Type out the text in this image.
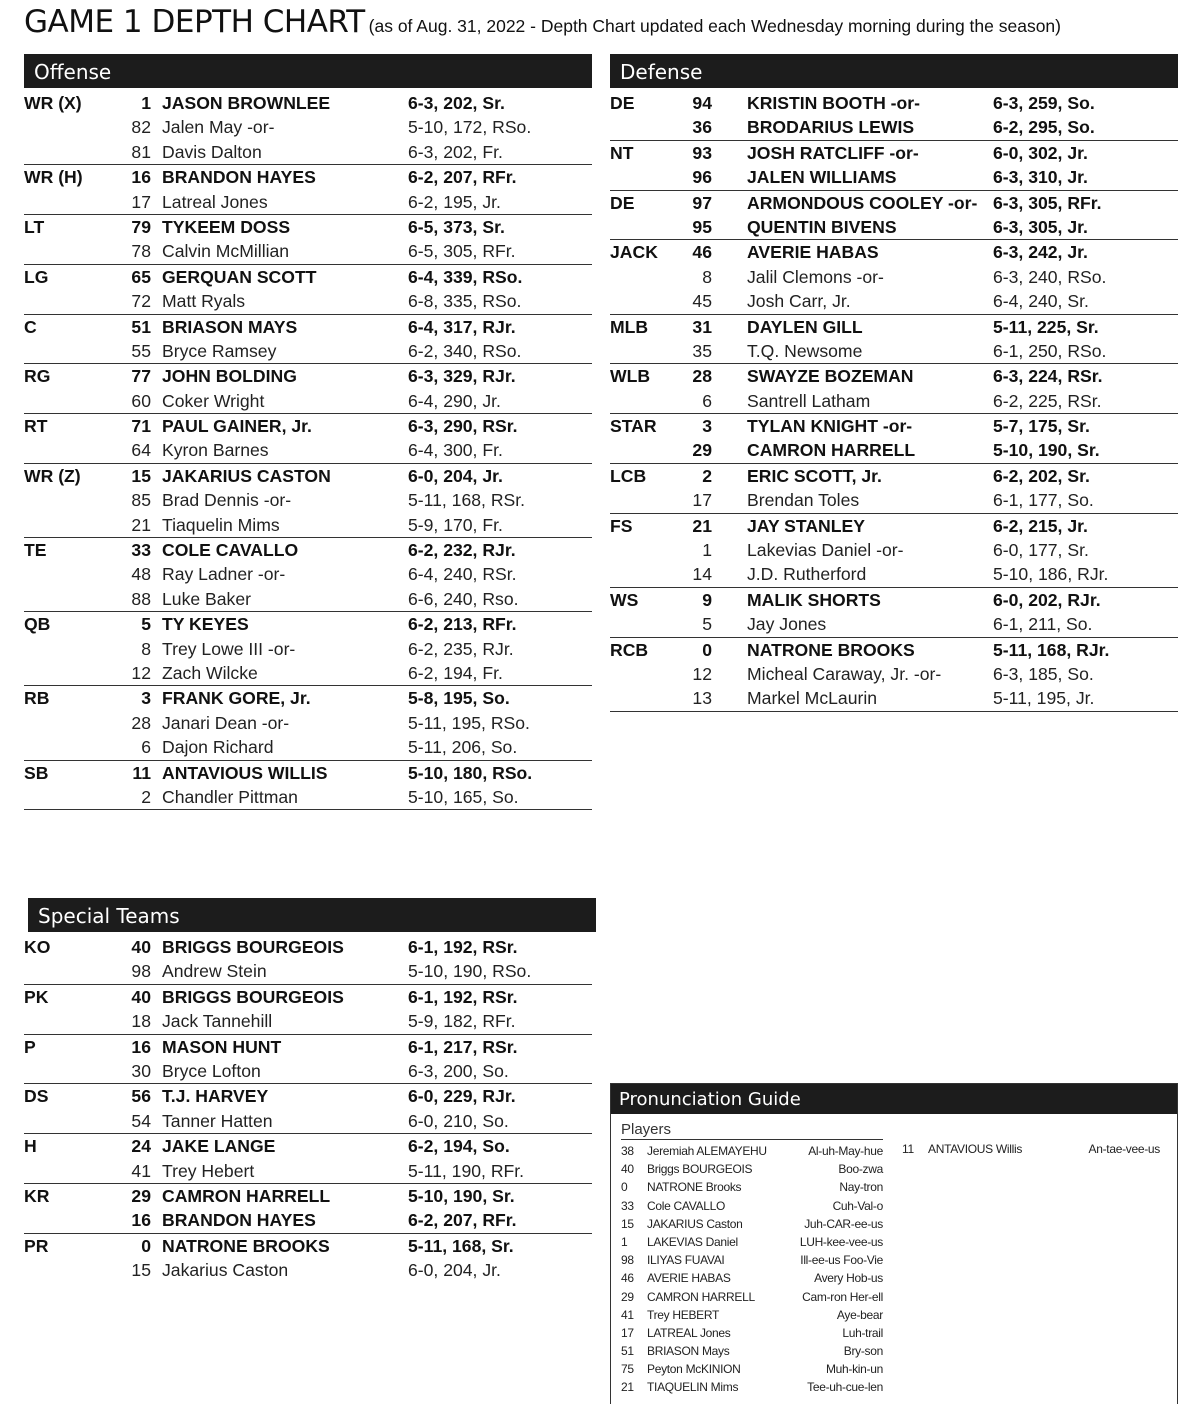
GAME 1 DEPTH CHART (as of Aug. 31, 2022 - Depth Chart updated each Wednesday morning during the season)
Offense
WR (X)	1 JASON BROWNLEE	6-3, 202, Sr.
82 Jalen May -or-	5-10, 172, RSo.
81 Davis Dalton	6-3, 202, Fr.
WR (H)	16 BRANDON HAYES	6-2, 207, RFr.
17 Latreal Jones	6-2, 195, Jr.
LT	79 TYKEEM DOSS	6-5, 373, Sr.
78 Calvin McMillian	6-5, 305, RFr.
LG	65 GERQUAN SCOTT	6-4, 339, RSo.
72 Matt Ryals	6-8, 335, RSo.
C	51 BRIASON MAYS	6-4, 317, RJr.
55 Bryce Ramsey	6-2, 340, RSo.
RG	77 JOHN BOLDING	6-3, 329, RJr.
60 Coker Wright	6-4, 290, Jr.
RT	71 PAUL GAINER, Jr.	6-3, 290, RSr.
64 Kyron Barnes	6-4, 300, Fr.
WR (Z)	15 JAKARIUS CASTON	6-0, 204, Jr.
85 Brad Dennis -or-	5-11, 168, RSr.
21 Tiaquelin Mims	5-9, 170, Fr.
TE	33 COLE CAVALLO	6-2, 232, RJr.
48 Ray Ladner -or-	6-4, 240, RSr.
88 Luke Baker	6-6, 240, Rso.
QB	5 TY KEYES	6-2, 213, RFr.
8 Trey Lowe III -or-	6-2, 235, RJr.
12 Zach Wilcke	6-2, 194, Fr.
RB	3 FRANK GORE, Jr.	5-8, 195, So.
28 Janari Dean -or-	5-11, 195, RSo.
6 Dajon Richard	5-11, 206, So.
SB	11 ANTAVIOUS WILLIS	5-10, 180, RSo.
2 Chandler Pittman	5-10, 165, So.
Defense
DE	94 KRISTIN BOOTH -or-	6-3, 259, So.
36 BRODARIUS LEWIS	6-2, 295, So.
NT	93 JOSH RATCLIFF -or-	6-0, 302, Jr.
96 JALEN WILLIAMS	6-3, 310, Jr.
DE	97 ARMONDOUS COOLEY -or- 6-3, 305, RFr.
95 QUENTIN BIVENS	6-3, 305, Jr.
JACK	46 AVERIE HABAS	6-3, 242, Jr.
8 Jalil Clemons -or-	6-3, 240, RSo.
45 Josh Carr, Jr.	6-4, 240, Sr.
MLB	31 DAYLEN GILL	5-11, 225, Sr.
35 T.Q. Newsome	6-1, 250, RSo.
WLB	28 SWAYZE BOZEMAN	6-3, 224, RSr.
6 Santrell Latham	6-2, 225, RSr.
STAR	3 TYLAN KNIGHT -or-	5-7, 175, Sr.
29 CAMRON HARRELL	5-10, 190, Sr.
LCB	2 ERIC SCOTT, Jr.	6-2, 202, Sr.
17 Brendan Toles	6-1, 177, So.
FS	21 JAY STANLEY	6-2, 215, Jr.
1 Lakevias Daniel -or-	6-0, 177, Sr.
14 J.D. Rutherford	5-10, 186, RJr.
WS	9 MALIK SHORTS	6-0, 202, RJr.
5 Jay Jones	6-1, 211, So.
RCB	0 NATRONE BROOKS	5-11, 168, RJr.
12 Micheal Caraway, Jr. -or-	6-3, 185, So.
13 Markel McLaurin	5-11, 195, Jr.
Special Teams
KO	40 BRIGGS BOURGEOIS	6-1, 192, RSr.
98 Andrew Stein	5-10, 190, RSo.
PK	40 BRIGGS BOURGEOIS	6-1, 192, RSr.
18 Jack Tannehill	5-9, 182, RFr.
P	16 MASON HUNT	6-1, 217, RSr.
30 Bryce Lofton	6-3, 200, So.
DS	56 T.J. HARVEY	6-0, 229, RJr.
54 Tanner Hatten	6-0, 210, So.
H	24 JAKE LANGE	6-2, 194, So.
41 Trey Hebert	5-11, 190, RFr.
KR	29 CAMRON HARRELL	5-10, 190, Sr.
16 BRANDON HAYES	6-2, 207, RFr.
PR	0 NATRONE BROOKS	5-11, 168, Sr.
15 Jakarius Caston	6-0, 204, Jr.
Pronunciation Guide
Players
38	Jeremiah ALEMAYEHU	Al-uh-May-hue
40	Briggs BOURGEOIS	Boo-zwa
0	NATRONE Brooks	Nay-tron
33	Cole CAVALLO	Cuh-Val-o
15	JAKARIUS Caston	Juh-CAR-ee-us
1	LAKEVIAS Daniel	LUH-kee-vee-us
98	ILIYAS FUAVAI	Ill-ee-us Foo-Vie
46	AVERIE HABAS	Avery Hob-us
29	CAMRON HARRELL	Cam-ron Her-ell
41	Trey HEBERT	Aye-bear
17	LATREAL Jones	Luh-trail
51	BRIASON Mays	Bry-son
75	Peyton McKINION	Muh-kin-un
21	TIAQUELIN Mims	Tee-uh-cue-len
11	ANTAVIOUS Willis	An-tae-vee-us
